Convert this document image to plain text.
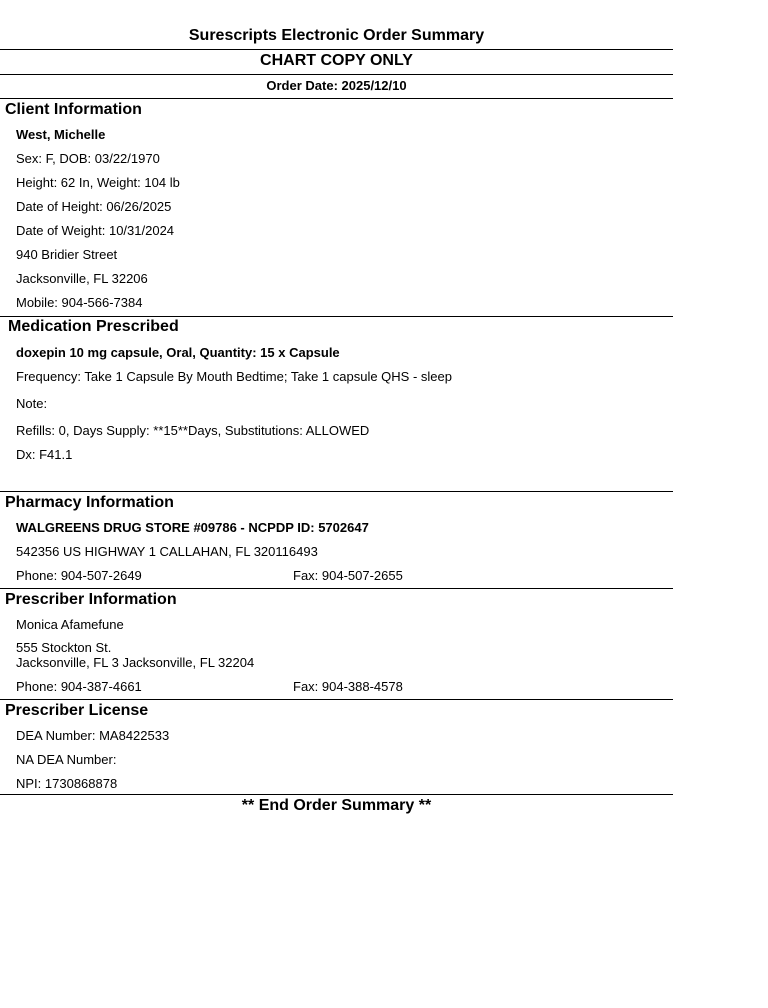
Surescripts Electronic Order Summary
CHART COPY ONLY
Order Date: 2025/12/10
Client Information
West, Michelle
Sex: F, DOB: 03/22/1970
Height: 62 In, Weight: 104 lb
Date of Height: 06/26/2025
Date of Weight: 10/31/2024
940 Bridier Street
Jacksonville, FL 32206
Mobile: 904-566-7384
Medication Prescribed
doxepin 10 mg capsule, Oral, Quantity: 15 x Capsule
Frequency: Take 1 Capsule By Mouth Bedtime; Take 1 capsule QHS - sleep
Note:
Refills: 0, Days Supply: **15**Days, Substitutions: ALLOWED
Dx: F41.1
Pharmacy Information
WALGREENS DRUG STORE #09786 - NCPDP ID: 5702647
542356 US HIGHWAY 1 CALLAHAN, FL 320116493
Phone: 904-507-2649	Fax: 904-507-2655
Prescriber Information
Monica Afamefune
555 Stockton St.
Jacksonville, FL 3 Jacksonville, FL 32204
Phone: 904-387-4661	Fax: 904-388-4578
Prescriber License
DEA Number: MA8422533
NA DEA Number:
NPI: 1730868878
** End Order Summary **
